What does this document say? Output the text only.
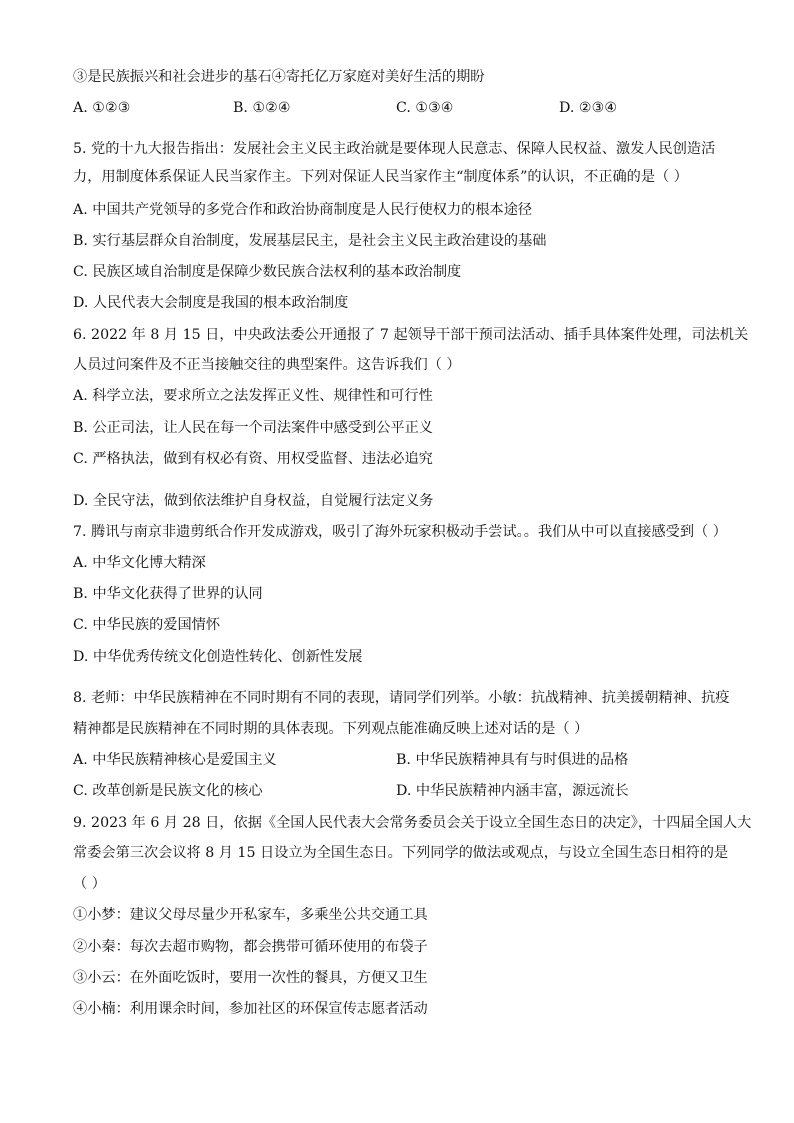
③是民族振兴和社会进步的基石④寄托亿万家庭对美好生活的期盼
A. ①②③	B. ①②④	C. ①③④	D. ②③④
5. 党的十九大报告指出：发展社会主义民主政治就是要体现人民意志、保障人民权益、激发人民创造活
力，用制度体系保证人民当家作主。下列对保证人民当家作主“制度体系”的认识，不正确的是（ ）
A. 中国共产党领导的多党合作和政治协商制度是人民行使权力的根本途径
B. 实行基层群众自治制度，发展基层民主，是社会主义民主政治建设的基础
C. 民族区域自治制度是保障少数民族合法权利的基本政治制度
D. 人民代表大会制度是我国的根本政治制度
6. 2022 年 8 月 15 日，中央政法委公开通报了 7 起领导干部干预司法活动、插手具体案件处理，司法机关
人员过问案件及不正当接触交往的典型案件。这告诉我们（ ）
A. 科学立法，要求所立之法发挥正义性、规律性和可行性
B. 公正司法，让人民在每一个司法案件中感受到公平正义
C. 严格执法，做到有权必有资、用权受监督、违法必追究
D. 全民守法，做到依法维护自身权益，自觉履行法定义务
7. 腾讯与南京非遗剪纸合作开发成游戏，吸引了海外玩家积极动手尝试。。我们从中可以直接感受到（ ）
A. 中华文化博大精深
B. 中华文化获得了世界的认同
C. 中华民族的爱国情怀
D. 中华优秀传统文化创造性转化、创新性发展
8. 老师：中华民族精神在不同时期有不同的表现，请同学们列举。小敏：抗战精神、抗美援朝精神、抗疫
精神都是民族精神在不同时期的具体表现。下列观点能准确反映上述对话的是（ ）
A. 中华民族精神核心是爱国主义	B. 中华民族精神具有与时俱进的品格
C. 改革创新是民族文化的核心	D. 中华民族精神内涵丰富，源远流长
9. 2023 年 6 月 28 日，依据《全国人民代表大会常务委员会关于设立全国生态日的决定》，十四届全国人大
常委会第三次会议将 8 月 15 日设立为全国生态日。下列同学的做法或观点，与设立全国生态日相符的是
（ ）
①小梦：建议父母尽量少开私家车，多乘坐公共交通工具
②小秦：每次去超市购物，都会携带可循环使用的布袋子
③小云：在外面吃饭时，要用一次性的餐具，方便又卫生
④小楠：利用课余时间，参加社区的环保宣传志愿者活动
